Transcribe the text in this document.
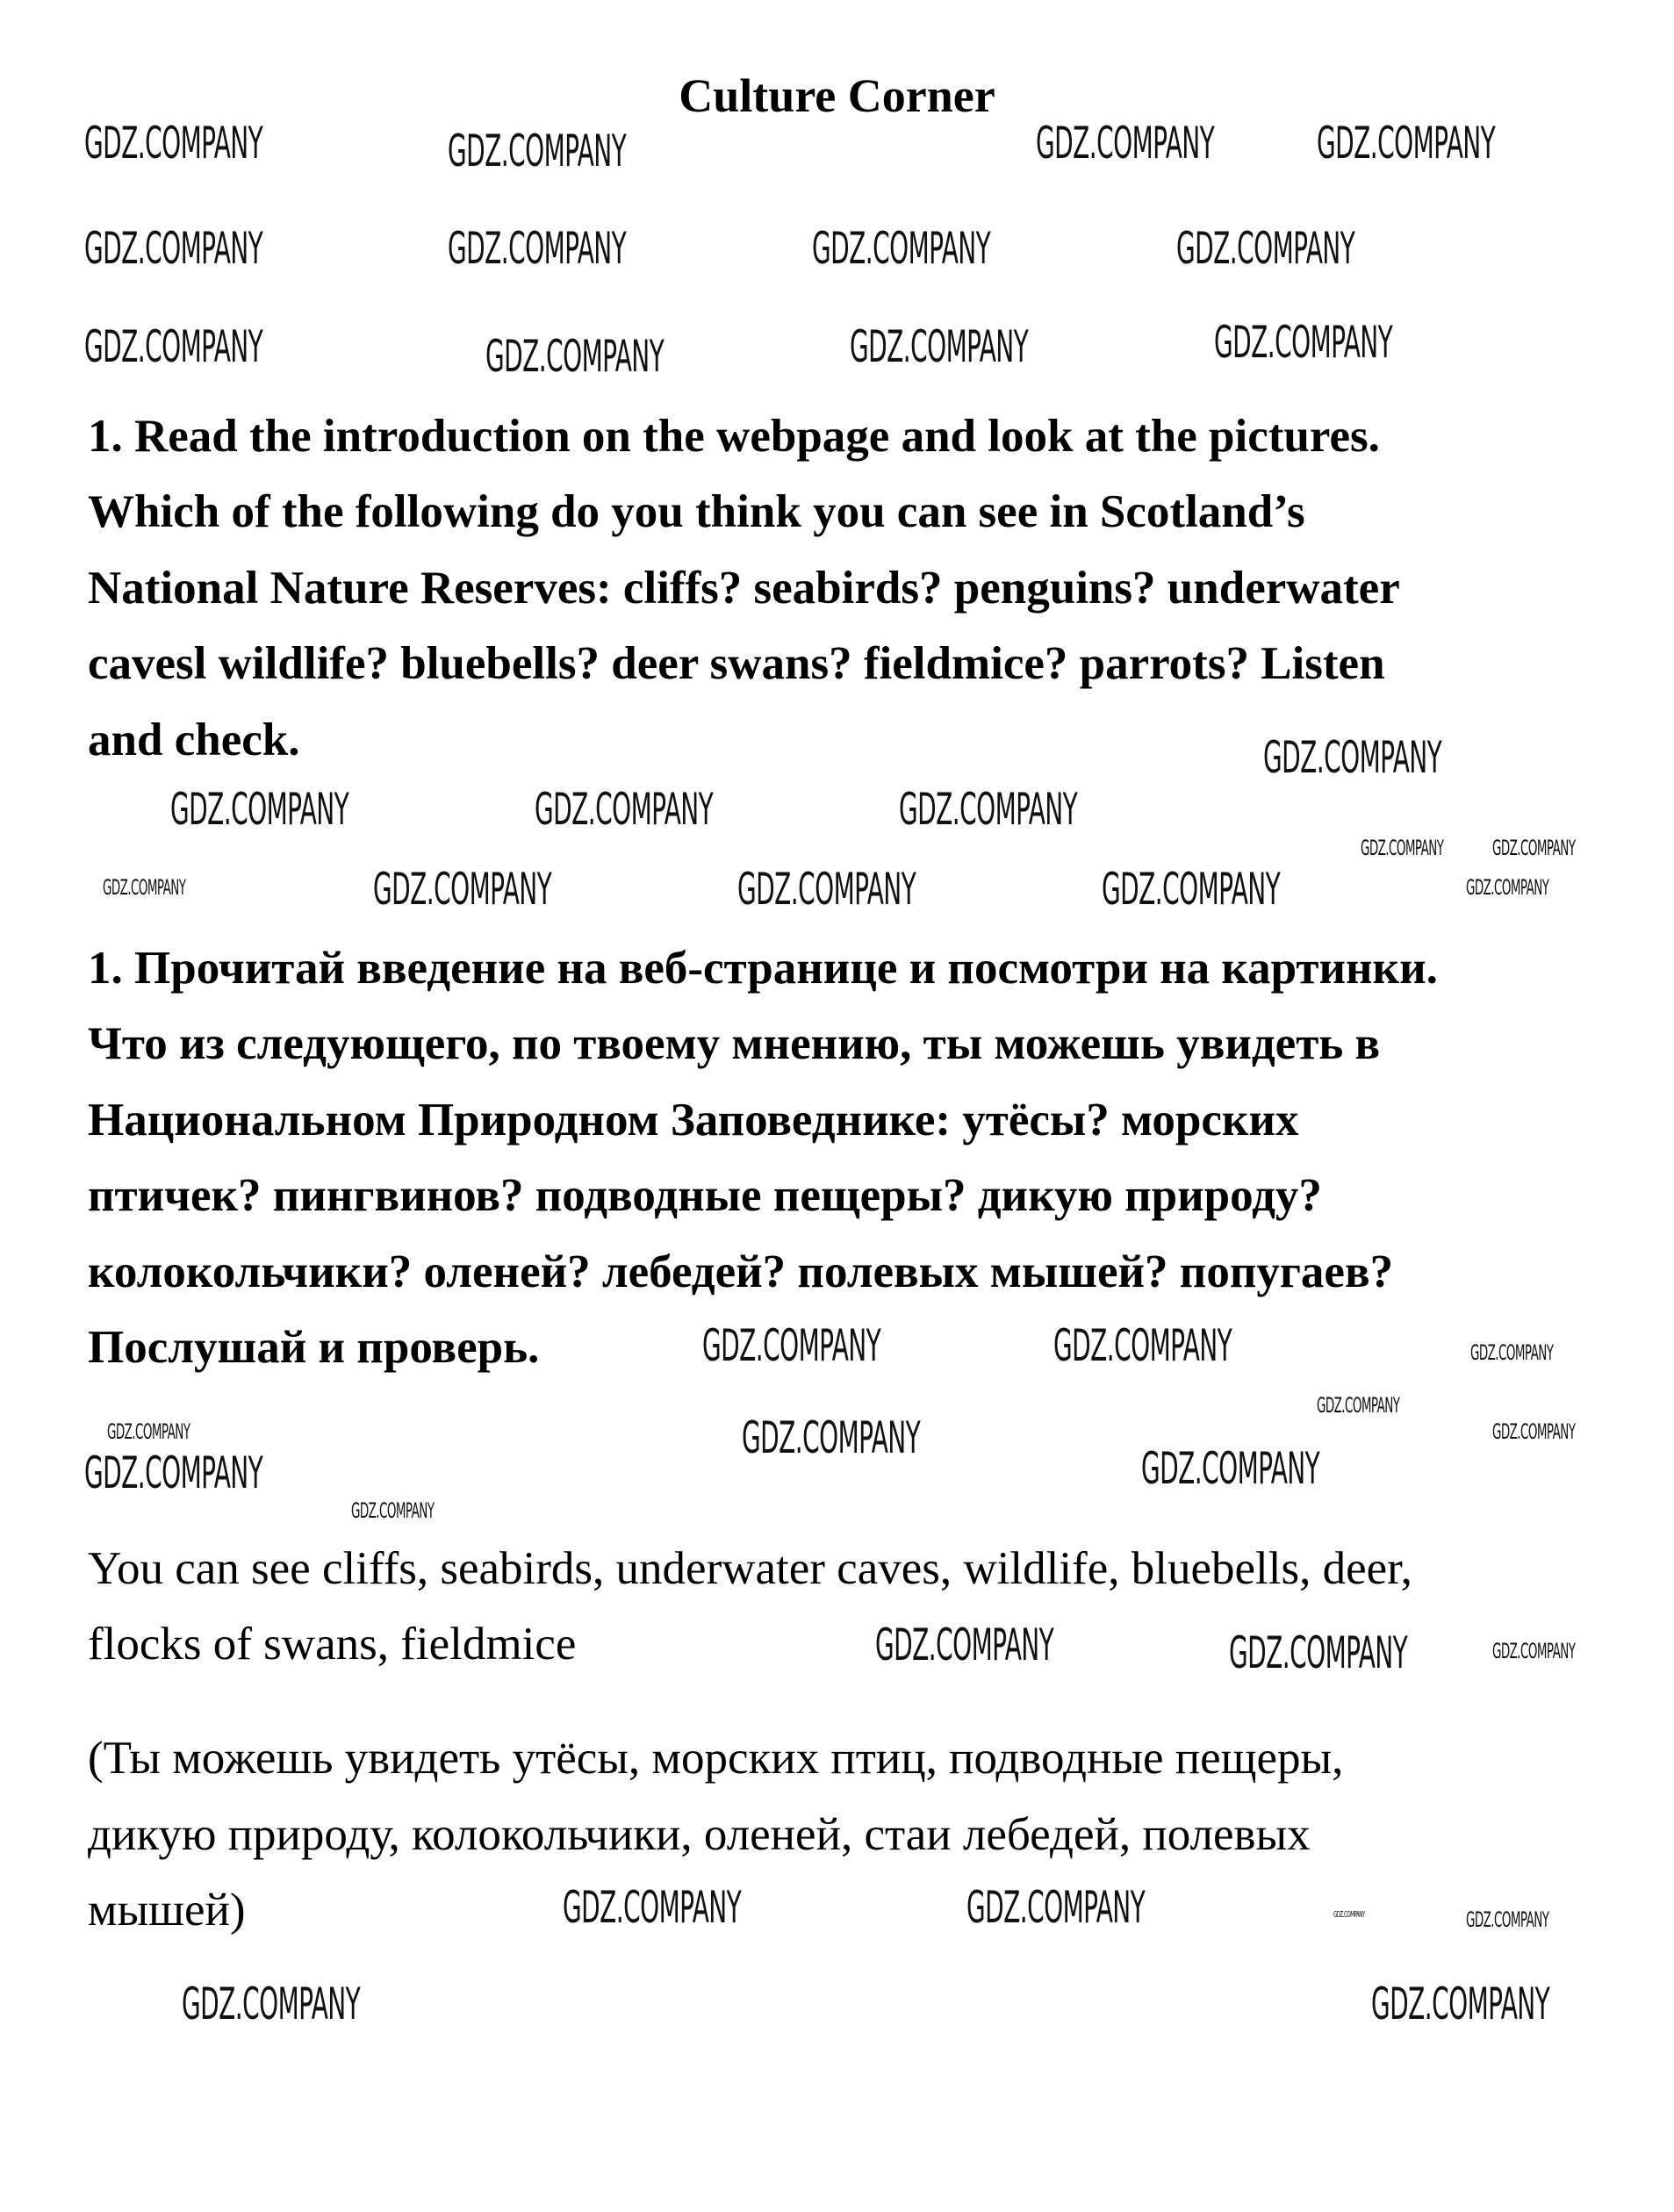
Culture Corner
1. Read the introduction on the webpage and look at the pictures.
Which of the following do you think you can see in Scotland’s
National Nature Reserves: cliffs? seabirds? penguins? underwater
cavesl wildlife? bluebells? deer swans? fieldmice? parrots? Listen
and check.
1. Прочитай введение на веб-странице и посмотри на картинки.
Что из следующего, по твоему мнению, ты можешь увидеть в
Национальном Природном Заповеднике: утёсы? морских
птичек? пингвинов? подводные пещеры? дикую природу?
колокольчики? оленей? лебедей? полевых мышей? попугаев?
Послушай и проверь.
You can see cliffs, seabirds, underwater caves, wildlife, bluebells, deer,
flocks of swans, fieldmice
(Ты можешь увидеть утёсы, морских птиц, подводные пещеры,
дикую природу, колокольчики, оленей, стаи лебедей, полевых
мышей)
GDZ.COMPANY	GDZ.COMPANY	GDZ.COMPANY GDZ.COMPANY
GDZ.COMPANY	GDZ.COMPANY	GDZ.COMPANY	GDZ.COMPANY
GDZ.COMPANY	GDZ.COMPANY	GDZ.COMPANY	GDZ.COMPANY
GDZ.COMPANY
GDZ.COMPANY	GDZ.COMPANY	GDZ.COMPANY
GDZ.COMPANY	GDZ.COMPANY	GDZ.COMPANY
GDZ.COMPANY
GDZ.COMPANY
GDZ.COMPANY
GDZ.COMPANY
GDZ.COMPANY
GDZ.COMPANY
GDZ.COMPANY
GDZ.COMPANY
GDZ.COMPANY
GDZ.COMPANY	GDZ.COMPANY
GDZ.COMPANY	GDZ.COMPANY
GDZ.COMPANY GDZ.COMPANY
GDZ.COMPANY
GDZ.COMPANY
GDZ.COMPANY
GDZ.COMPANY
GDZ.COMPANY
GDZ.COMPANY
GDZ.COMPANY
GDZ.COMPANY
